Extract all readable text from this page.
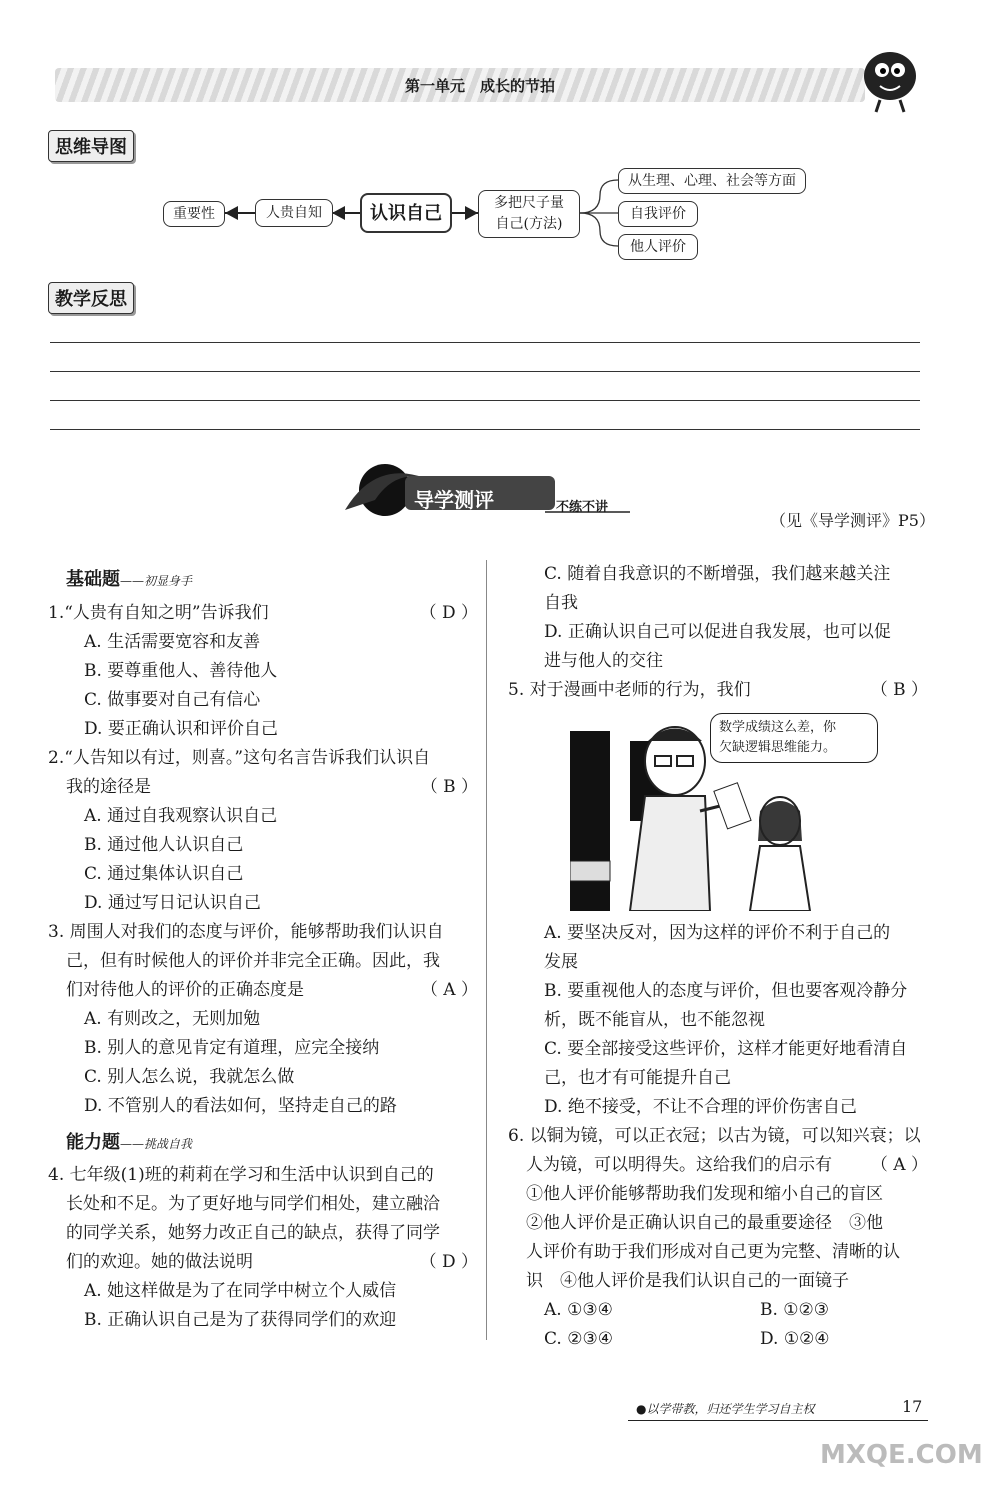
第一单元　成长的节拍
思维导图
重要性	人贵自知	认识自己	多把尺子量
自己(方法)
从生理、心理、社会等方面
自我评价
他人评价
教学反思
导学测评	不练不讲
（见《导学测评》P5）
基础题——初显身手
1.“人贵有自知之明”告诉我们	（ D ）
A. 生活需要宽容和友善
B. 要尊重他人、善待他人
C. 做事要对自己有信心
D. 要正确认识和评价自己
2.“人告知以有过，则喜。”这句名言告诉我们认识自
我的途径是	（ B ）
A. 通过自我观察认识自己
B. 通过他人认识自己
C. 通过集体认识自己
D. 通过写日记认识自己
3. 周围人对我们的态度与评价，能够帮助我们认识自
己，但有时候他人的评价并非完全正确。因此，我
们对待他人的评价的正确态度是	（ A ）
A. 有则改之，无则加勉
B. 别人的意见肯定有道理，应完全接纳
C. 别人怎么说，我就怎么做
D. 不管别人的看法如何，坚持走自己的路
能力题——挑战自我
4. 七年级(1)班的莉莉在学习和生活中认识到自己的
长处和不足。为了更好地与同学们相处，建立融洽
的同学关系，她努力改正自己的缺点，获得了同学
们的欢迎。她的做法说明	（ D ）
A. 她这样做是为了在同学中树立个人威信
B. 正确认识自己是为了获得同学们的欢迎
C. 随着自我意识的不断增强，我们越来越关注
自我
D. 正确认识自己可以促进自我发展，也可以促
进与他人的交往
5. 对于漫画中老师的行为，我们	（ B ）
数学成绩这么差，你
欠缺逻辑思维能力。
A. 要坚决反对，因为这样的评价不利于自己的
发展
B. 要重视他人的态度与评价，但也要客观冷静分
析，既不能盲从，也不能忽视
C. 要全部接受这些评价，这样才能更好地看清自
己，也才有可能提升自己
D. 绝不接受，不让不合理的评价伤害自己
6. 以铜为镜，可以正衣冠；以古为镜，可以知兴衰；以
人为镜，可以明得失。这给我们的启示有 （ A ）
①他人评价能够帮助我们发现和缩小自己的盲区
②他人评价是正确认识自己的最重要途径　③他
人评价有助于我们形成对自己更为完整、清晰的认
识　④他人评价是我们认识自己的一面镜子
A. ①③④	B. ①②③
C. ②③④	D. ①②④
●以学带教，归还学生学习自主权	17
MXQE.COM
